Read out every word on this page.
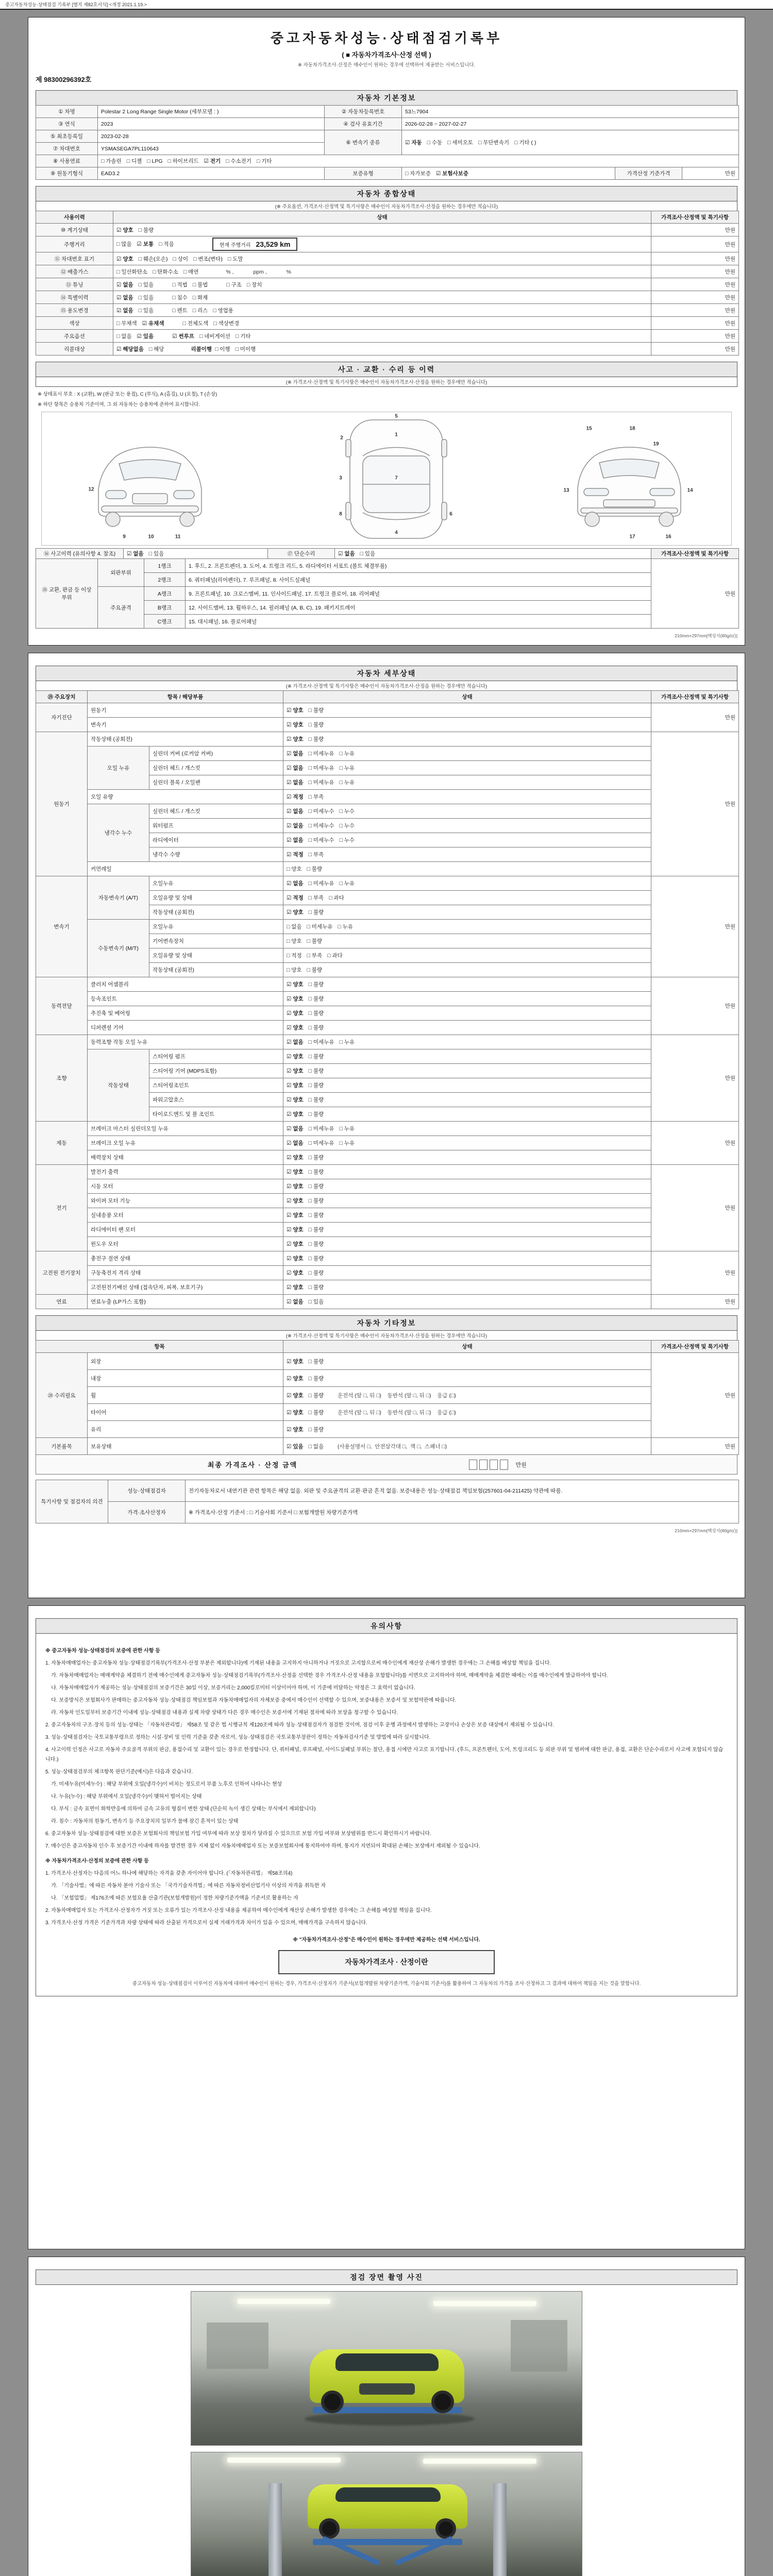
중고자동차성능·상태점검 기록부 [별지 제82호서식] <개정 2021.1.19.>
중고자동차성능·상태점검기록부
( ■ 자동차가격조사·산정 선택 )
※ 자동차가격조사·산정은 매수인이 원하는 경우에 선택하여 제공받는 서비스입니다.
제 98300296392호
자동차 기본정보
① 차명	Polestar 2 Long Range Single Motor (세부모델 : )	② 자동차등록번호	53느7904		
③ 연식	2023	④ 검사 유효기간	2026-02-28 ~ 2027-02-27		
⑤ 최초등록일	2023-02-28	⑥ 변속기 종류	☑ 자동 □ 수동 □ 세미오토 □ 무단변속기 □ 기타 ( )		
⑦ 차대번호	YSMASEGA7PL110643				
⑧ 사용연료	□ 가솔린 □ 디젤 □ LPG □ 하이브리드 ☑ 전기 □ 수소전기 □ 기타				
⑨ 원동기형식	EAD3.2	보증유형	□ 자가보증 ☑ 보험사보증	가격산정 기준가격	만원
자동차 종합상태
(※ 주요옵션, 가격조사·산정액 및 특기사항은 매수인이 자동차가격조사·산정을 원하는 경우에만 적습니다)
사용이력	상태	가격조사·산정액 및 특기사항
⑩ 계기상태	☑ 양호 □ 불량	만원
주행거리	□ 많음 ☑ 보통 □ 적음 현재 주행거리 23,529 km	만원
⑪ 차대번호 표기	☑ 양호 □ 훼손(오손) □ 상이 □ 변조(변타) □ 도말	만원
⑫ 배출가스	□ 일산화탄소 □ 탄화수소 □ 매연            % ,             ppm ,             %	만원
⑬ 튜닝	☑ 없음 □ 있음 □ 적법 □ 불법 □ 구조 □ 장치	만원
⑭ 특별이력	☑ 없음 □ 있음 □ 침수 □ 화재	만원
⑮ 용도변경	☑ 없음 □ 있음 □ 렌트 □ 리스 □ 영업용	만원
색상	□ 무채색 ☑ 유채색 □ 전체도색 □ 색상변경	만원
주요옵션	□ 없음 ☑ 있음 ☑ 썬루프 □ 네비게이션 □ 기타	만원
리콜대상	☑ 해당없음 □ 해당 리콜이행 □ 이행 □ 미이행	만원
사고 · 교환 · 수리 등 이력
(※ 가격조사·산정액 및 특기사항은 매수인이 자동차가격조사·산정을 원하는 경우에만 적습니다)
※ 상태표시 부호 : X (교환), W (판금 또는 용접), C (부식), A (흠집), U (요철), T (손상)
※ 하단 항목은 승용차 기준이며, 그 외 자동차는 승용차에 준하여 표시합니다.
1
2
3
4
5
6
7
8
9	10	11
12	13	14
15
16
17
18
19
⑯ 사고이력 (유의사항 4. 참조)	☑ 없음 □ 있음	⑰ 단순수리	☑ 없음 □ 있음	가격조사·산정액 및 특기사항
⑱ 교환, 판금 등 이상 부위	외판부위	1랭크	1. 후드, 2. 프론트펜더, 3. 도어, 4. 트렁크 리드, 5. 라디에이터 서포트 (볼트 체결부품)	만원
		2랭크	6. 쿼터패널(리어펜더), 7. 루프패널, 8. 사이드실패널	
	주요골격	A랭크	9. 프론트패널, 10. 크로스멤버, 11. 인사이드패널, 17. 트렁크 플로어, 18. 리어패널	
		B랭크	12. 사이드멤버, 13. 휠하우스, 14. 필러패널 (A, B, C), 19. 패키지트레이	
		C랭크	15. 대시패널, 16. 플로어패널	
210mm×297mm[백상지(80g/㎡)]
자동차 세부상태
(※ 가격조사·산정액 및 특기사항은 매수인이 자동차가격조사·산정을 원하는 경우에만 적습니다)
⑲ 주요장치	항목 / 해당부품		상태	가격조사·산정액 및 특기사항
자기진단	원동기		☑ 양호 □ 불량	만원
	변속기		☑ 양호 □ 불량	
원동기	작동상태 (공회전)		☑ 양호 □ 불량	만원
	오일 누유	실린더 커버 (로커암 커버)	☑ 없음 □ 미세누유 □ 누유	
		실린더 헤드 / 개스킷	☑ 없음 □ 미세누유 □ 누유	
		실린더 블록 / 오일팬	☑ 없음 □ 미세누유 □ 누유	
	오일 유량		☑ 적정 □ 부족	
	냉각수 누수	실린더 헤드 / 개스킷	☑ 없음 □ 미세누수 □ 누수	
		워터펌프	☑ 없음 □ 미세누수 □ 누수	
		라디에이터	☑ 없음 □ 미세누수 □ 누수	
		냉각수 수량	☑ 적정 □ 부족	
	커먼레일		□ 양호 □ 불량	
변속기	자동변속기 (A/T)	오일누유	☑ 없음 □ 미세누유 □ 누유	만원
		오일유량 및 상태	☑ 적정 □ 부족 □ 과다	
		작동상태 (공회전)	☑ 양호 □ 불량	
	수동변속기 (M/T)	오일누유	□ 없음 □ 미세누유 □ 누유	
		기어변속장치	□ 양호 □ 불량	
		오일유량 및 상태	□ 적정 □ 부족 □ 과다	
		작동상태 (공회전)	□ 양호 □ 불량	
동력전달	클러치 어셈블리		☑ 양호 □ 불량	만원
	등속조인트		☑ 양호 □ 불량	
	추진축 및 베어링		☑ 양호 □ 불량	
	디퍼렌셜 기어		☑ 양호 □ 불량	
조향	동력조향 작동 오일 누유		☑ 없음 □ 미세누유 □ 누유	만원
	작동상태	스티어링 펌프	☑ 양호 □ 불량	
		스티어링 기어 (MDPS포함)	☑ 양호 □ 불량	
		스티어링조인트	☑ 양호 □ 불량	
		파워고압호스	☑ 양호 □ 불량	
		타이로드엔드 및 볼 조인트	☑ 양호 □ 불량	
제동	브레이크 마스터 실린더오일 누유		☑ 없음 □ 미세누유 □ 누유	만원
	브레이크 오일 누유		☑ 없음 □ 미세누유 □ 누유	
	배력장치 상태		☑ 양호 □ 불량	
전기	발전기 출력		☑ 양호 □ 불량	만원
	시동 모터		☑ 양호 □ 불량	
	와이퍼 모터 기능		☑ 양호 □ 불량	
	실내송풍 모터		☑ 양호 □ 불량	
	라디에이터 팬 모터		☑ 양호 □ 불량	
	윈도우 모터		☑ 양호 □ 불량	
고전원 전기장치	충전구 절연 상태		☑ 양호 □ 불량	만원
	구동축전지 격리 상태		☑ 양호 □ 불량	
	고전원전기배선 상태 (접속단자, 피복, 보호기구)		☑ 양호 □ 불량	
연료	연료누출 (LP가스 포함)		☑ 없음 □ 있음	만원
자동차 기타정보
(※ 가격조사·산정액 및 특기사항은 매수인이 자동차가격조사·산정을 원하는 경우에만 적습니다)
항목		상태	가격조사·산정액 및 특기사항
⑳ 수리필요	외장	☑ 양호 □ 불량	만원
	내장	☑ 양호 □ 불량	
	휠	☑ 양호 □ 불량   운전석 (앞 □, 뒤 □)    동반석 (앞 □, 뒤 □)    응급 (□)	
	타이어	☑ 양호 □ 불량   운전석 (앞 □, 뒤 □)    동반석 (앞 □, 뒤 □)    응급 (□)	
	유리	☑ 양호 □ 불량	
기본품목	보유상태	☑ 있음 □ 없음   (사용설명서 □,  안전삼각대 □,  잭 □,  스패너 □)	만원
최종 가격조사 · 산정 금액	만원
특기사항 및 점검자의 의견	성능·상태점검자	전기자동차로서 내연기관 관련 항목은 해당 없음. 외판 및 주요골격의 교환·판금 흔적 없음. 보증내용은 성능·상태점검 책임보험(257601-04-211425) 약관에 따름.
	가격·조사산정자	※ 가격조사·산정 기준서 : □ 기술사회 기준서 □ 보험개발원 차량기준가액
210mm×297mm[백상지(80g/㎡)]
유의사항
※ 중고자동차 성능·상태점검의 보증에 관한 사항 등
1. 자동차매매업자는 중고자동차 성능·상태점검기록부(가격조사·산정 부분은 제외합니다)에 기재된 내용을 고지하지 아니하거나 거짓으로 고지함으로써 매수인에게 재산상 손해가 발생한 경우에는 그 손해를 배상할 책임을 집니다.
가. 자동차매매업자는 매매계약을 체결하기 전에 매수인에게 중고자동차 성능·상태점검기록부(가격조사·산정을 선택한 경우 가격조사·산정 내용을 포함합니다)를 서면으로 고지하여야 하며, 매매계약을 체결한 때에는 이를 매수인에게 발급하여야 합니다.
나. 자동차매매업자가 제공하는 성능·상태점검의 보증기간은 30일 이상, 보증거리는 2,000킬로미터 이상이어야 하며, 이 기준에 미달하는 약정은 그 효력이 없습니다.
다. 보증방식은 보험회사가 판매하는 중고자동차 성능·상태점검 책임보험과 자동차매매업자의 자체보증 중에서 매수인이 선택할 수 있으며, 보증내용은 보증서 및 보험약관에 따릅니다.
라. 자동차 인도일부터 보증기간 이내에 성능·상태점검 내용과 실제 차량 상태가 다른 경우 매수인은 보증서에 기재된 절차에 따라 보상을 청구할 수 있습니다.
2. 중고자동차의 구조·장치 등의 성능·상태는 「자동차관리법」 제58조 및 같은 법 시행규칙 제120조에 따라 성능·상태점검자가 점검한 것이며, 점검 이후 운행 과정에서 발생하는 고장이나 손상은 보증 대상에서 제외될 수 있습니다.
3. 성능·상태점검자는 국토교통부령으로 정하는 시설·장비 및 인력 기준을 갖춘 자로서, 성능·상태점검은 국토교통부장관이 정하는 자동차검사기준 및 방법에 따라 실시합니다.
4. 사고이력 인정은 사고로 자동차 주요골격 부위의 판금, 용접수리 및 교환이 있는 경우로 한정합니다. 단, 쿼터패널, 루프패널, 사이드실패널 부위는 절단, 용접 시에만 사고로 표기합니다. (후드, 프론트펜더, 도어, 트렁크리드 등 외판 부위 및 범퍼에 대한 판금, 용접, 교환은 단순수리로서 사고에 포함되지 않습니다.)
5. 성능·상태점검부의 체크항목 판단기준(예시)은 다음과 같습니다.
가. 미세누유(미세누수) : 해당 부위에 오일(냉각수)이 비치는 정도로서 부품 노후로 인하여 나타나는 현상
나. 누유(누수) : 해당 부위에서 오일(냉각수)이 맺혀서 떨어지는 상태
다. 부식 : 금속 표면이 화학반응에 의하여 금속 고유의 형질이 변한 상태 (단순히 녹이 생긴 상태는 부식에서 제외합니다)
라. 침수 : 자동차의 원동기, 변속기 등 주요장치의 일부가 물에 잠긴 흔적이 있는 상태
6. 중고자동차 성능·상태점검에 대한 보증은 보험회사의 책임보험 가입 여부에 따라 보상 절차가 달라질 수 있으므로 보험 가입 여부와 보상범위를 반드시 확인하시기 바랍니다.
7. 매수인은 중고자동차 인수 후 보증기간 이내에 하자를 발견한 경우 지체 없이 자동차매매업자 또는 보증보험회사에 통지하여야 하며, 통지가 지연되어 확대된 손해는 보상에서 제외될 수 있습니다.
※ 자동차가격조사·산정의 보증에 관한 사항 등
1. 가격조사·산정자는 다음의 어느 하나에 해당하는 자격을 갖춘 자이어야 합니다. (「자동차관리법」 제58조의4)
가. 「기술사법」에 따른 자동차 분야 기술사 또는 「국가기술자격법」에 따른 자동차정비산업기사 이상의 자격을 취득한 자
나. 「보험업법」 제176조에 따른 보험요율 산출기관(보험개발원)이 정한 차량기준가액을 기준서로 활용하는 자
2. 자동차매매업자 또는 가격조사·산정자가 거짓 또는 오류가 있는 가격조사·산정 내용을 제공하여 매수인에게 재산상 손해가 발생한 경우에는 그 손해를 배상할 책임을 집니다.
3. 가격조사·산정 가격은 기준가격과 차량 상태에 따라 산출된 가격으로서 실제 거래가격과 차이가 있을 수 있으며, 매매가격을 구속하지 않습니다.
※ "자동차가격조사·산정"은 매수인이 원하는 경우에만 제공하는 선택 서비스입니다.
자동차가격조사 · 산정이란
중고자동차 성능·상태점검이 이루어진 자동차에 대하여 매수인이 원하는 경우, 가격조사·산정자가 기준서(보험개발원 차량기준가액, 기술사회 기준서)를 활용하여 그 자동차의 가격을 조사·산정하고 그 결과에 대하여 책임을 지는 것을 말합니다.
점검 장면 촬영 사진
